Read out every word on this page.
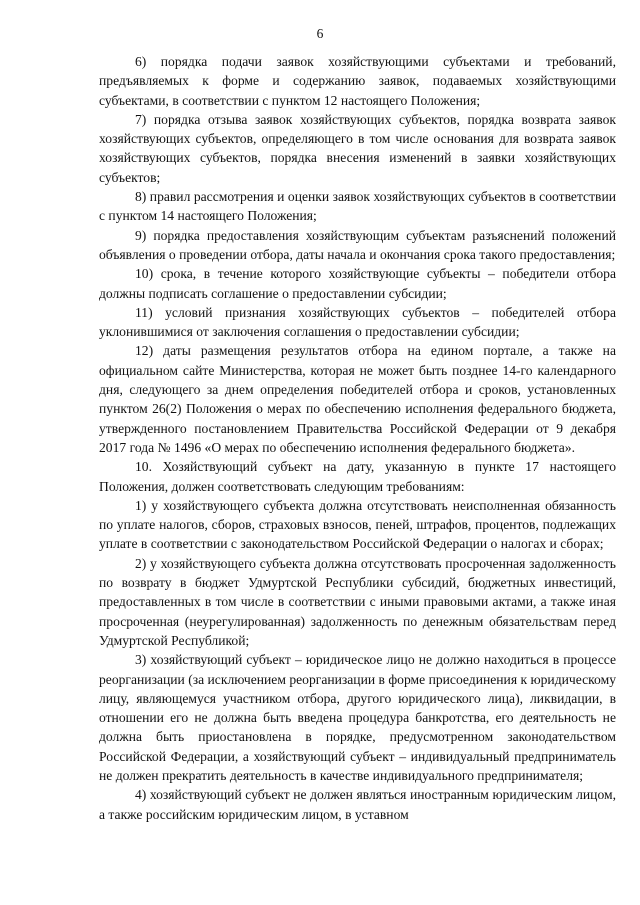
6

6) порядка подачи заявок хозяйствующими субъектами и требований, предъявляемых к форме и содержанию заявок, подаваемых хозяйствующими субъектами, в соответствии с пунктом 12 настоящего Положения;

7) порядка отзыва заявок хозяйствующих субъектов, порядка возврата заявок хозяйствующих субъектов, определяющего в том числе основания для возврата заявок хозяйствующих субъектов, порядка внесения изменений в заявки хозяйствующих субъектов;

8) правил рассмотрения и оценки заявок хозяйствующих субъектов в соответствии с пунктом 14 настоящего Положения;

9) порядка предоставления хозяйствующим субъектам разъяснений положений объявления о проведении отбора, даты начала и окончания срока такого предоставления;

10) срока, в течение которого хозяйствующие субъекты – победители отбора должны подписать соглашение о предоставлении субсидии;

11) условий признания хозяйствующих субъектов – победителей отбора уклонившимися от заключения соглашения о предоставлении субсидии;

12) даты размещения результатов отбора на едином портале, а также на официальном сайте Министерства, которая не может быть позднее 14-го календарного дня, следующего за днем определения победителей отбора и сроков, установленных пунктом 26(2) Положения о мерах по обеспечению исполнения федерального бюджета, утвержденного постановлением Правительства Российской Федерации от 9 декабря 2017 года № 1496 «О мерах по обеспечению исполнения федерального бюджета».

10. Хозяйствующий субъект на дату, указанную в пункте 17 настоящего Положения, должен соответствовать следующим требованиям:

1) у хозяйствующего субъекта должна отсутствовать неисполненная обязанность по уплате налогов, сборов, страховых взносов, пеней, штрафов, процентов, подлежащих уплате в соответствии с законодательством Российской Федерации о налогах и сборах;

2) у хозяйствующего субъекта должна отсутствовать просроченная задолженность по возврату в бюджет Удмуртской Республики субсидий, бюджетных инвестиций, предоставленных в том числе в соответствии с иными правовыми актами, а также иная просроченная (неурегулированная) задолженность по денежным обязательствам перед Удмуртской Республикой;

3) хозяйствующий субъект – юридическое лицо не должно находиться в процессе реорганизации (за исключением реорганизации в форме присоединения к юридическому лицу, являющемуся участником отбора, другого юридического лица), ликвидации, в отношении его не должна быть введена процедура банкротства, его деятельность не должна быть приостановлена в порядке, предусмотренном законодательством Российской Федерации, а хозяйствующий субъект – индивидуальный предприниматель не должен прекратить деятельность в качестве индивидуального предпринимателя;

4) хозяйствующий субъект не должен являться иностранным юридическим лицом, а также российским юридическим лицом, в уставном
